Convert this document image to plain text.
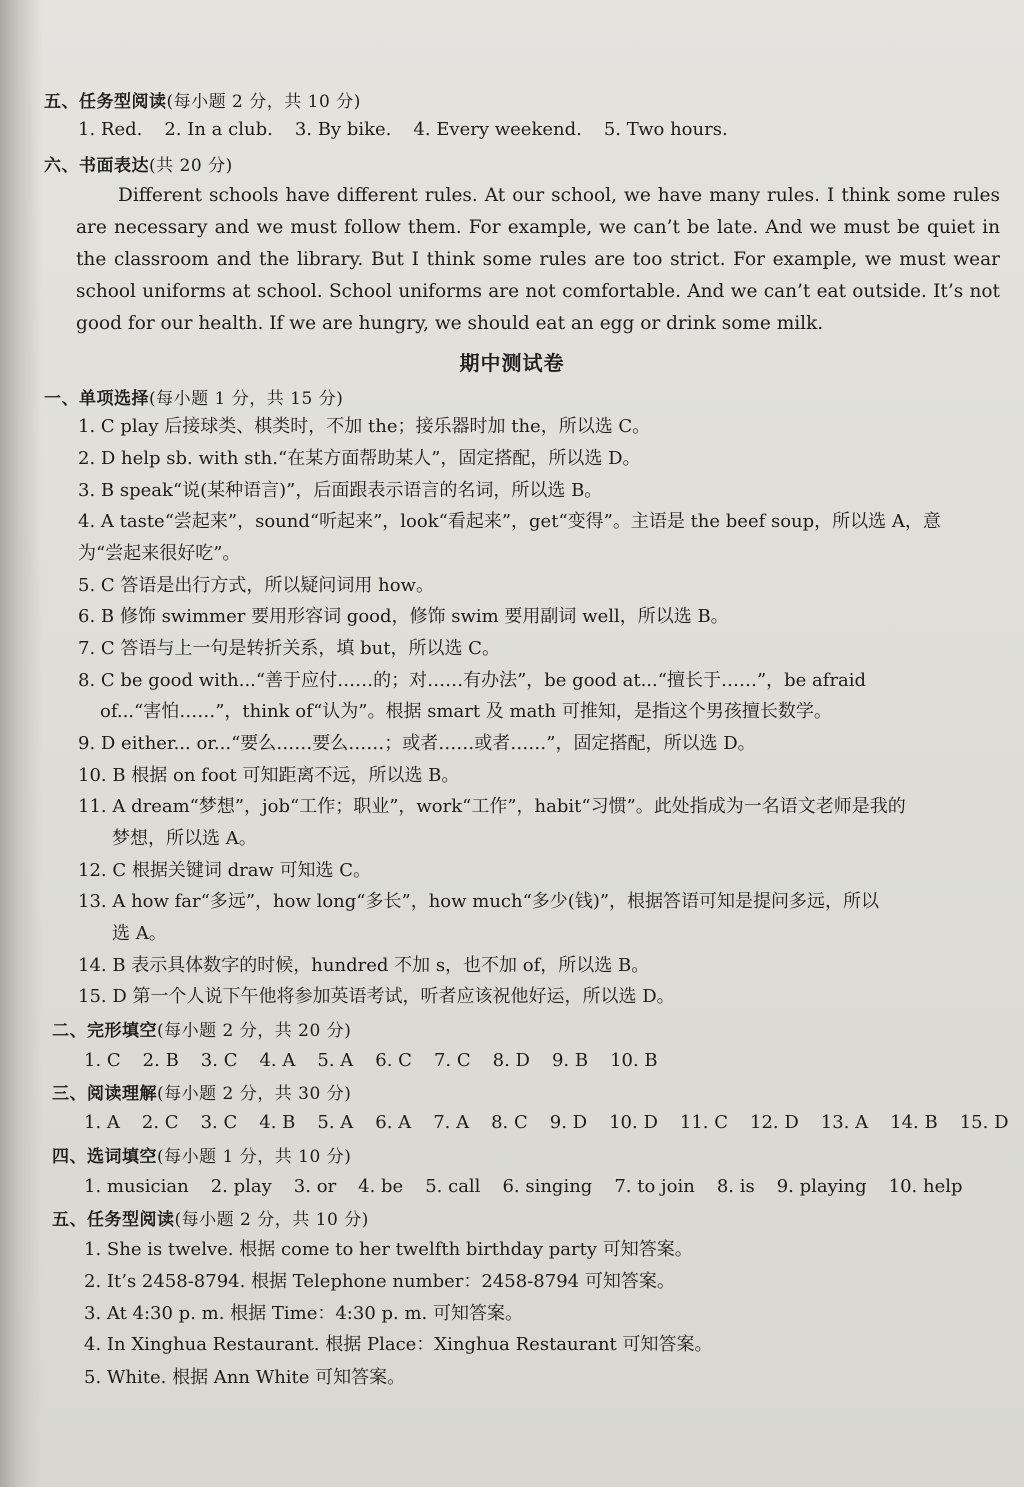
五、任务型阅读(每小题 2 分，共 10 分)
1. Red. 2. In a club. 3. By bike. 4. Every weekend. 5. Two hours.
六、书面表达(共 20 分)
Different schools have different rules. At our school, we have many rules. I think some rules are necessary and we must follow them. For example, we can’t be late. And we must be quiet in the classroom and the library. But I think some rules are too strict. For example, we must wear school uniforms at school. School uniforms are not comfortable. And we can’t eat outside. It’s not good for our health. If we are hungry, we should eat an egg or drink some milk.
期中测试卷
一、单项选择(每小题 1 分，共 15 分)
1. C play 后接球类、棋类时，不加 the；接乐器时加 the，所以选 C。
2. D help sb. with sth.“在某方面帮助某人”，固定搭配，所以选 D。
3. B speak“说(某种语言)”，后面跟表示语言的名词，所以选 B。
4. A taste“尝起来”，sound“听起来”，look“看起来”，get“变得”。主语是 the beef soup，所以选 A，意
为“尝起来很好吃”。
5. C 答语是出行方式，所以疑问词用 how。
6. B 修饰 swimmer 要用形容词 good，修饰 swim 要用副词 well，所以选 B。
7. C 答语与上一句是转折关系，填 but，所以选 C。
8. C be good with...“善于应付……的；对……有办法”，be good at...“擅长于……”，be afraid
of...“害怕……”，think of“认为”。根据 smart 及 math 可推知，是指这个男孩擅长数学。
9. D either... or...“要么……要么……；或者……或者……”，固定搭配，所以选 D。
10. B 根据 on foot 可知距离不远，所以选 B。
11. A dream“梦想”，job“工作；职业”，work“工作”，habit“习惯”。此处指成为一名语文老师是我的
梦想，所以选 A。
12. C 根据关键词 draw 可知选 C。
13. A how far“多远”，how long“多长”，how much“多少(钱)”，根据答语可知是提问多远，所以
选 A。
14. B 表示具体数字的时候，hundred 不加 s，也不加 of，所以选 B。
15. D 第一个人说下午他将参加英语考试，听者应该祝他好运，所以选 D。
二、完形填空(每小题 2 分，共 20 分)
1. C 2. B 3. C 4. A 5. A 6. C 7. C 8. D 9. B 10. B
三、阅读理解(每小题 2 分，共 30 分)
1. A 2. C 3. C 4. B 5. A 6. A 7. A 8. C 9. D 10. D 11. C 12. D 13. A 14. B 15. D
四、选词填空(每小题 1 分，共 10 分)
1. musician 2. play 3. or 4. be 5. call 6. singing 7. to join 8. is 9. playing 10. help
五、任务型阅读(每小题 2 分，共 10 分)
1. She is twelve. 根据 come to her twelfth birthday party 可知答案。
2. It’s 2458-8794. 根据 Telephone number：2458-8794 可知答案。
3. At 4:30 p. m. 根据 Time：4:30 p. m. 可知答案。
4. In Xinghua Restaurant. 根据 Place：Xinghua Restaurant 可知答案。
5. White. 根据 Ann White 可知答案。
